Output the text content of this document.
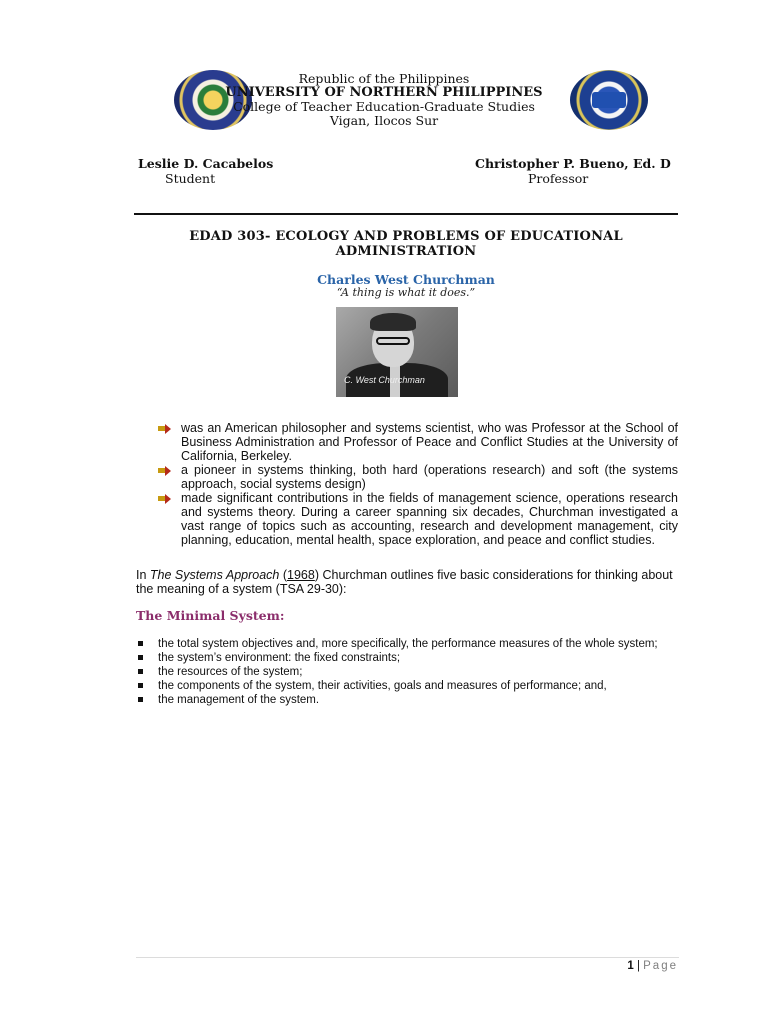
Republic of the Philippines
UNIVERSITY OF NORTHERN PHILIPPINES
College of Teacher Education-Graduate Studies
Vigan, Ilocos Sur
Leslie D. Cacabelos
Student
Christopher P. Bueno, Ed. D
Professor
EDAD 303- ECOLOGY AND PROBLEMS OF EDUCATIONAL
ADMINISTRATION
Charles West Churchman
“A thing is what it does.”
C. West Churchman
was an American philosopher and systems scientist, who was Professor at the School of Business Administration and Professor of Peace and Conflict Studies at the University of California, Berkeley.
a pioneer in systems thinking, both hard (operations research) and soft (the systems approach, social systems design)
made significant contributions in the fields of management science, operations research and systems theory. During a career spanning six decades, Churchman investigated a vast range of topics such as accounting, research and development management, city planning, education, mental health, space exploration, and peace and conflict studies.
In The Systems Approach (1968) Churchman outlines five basic considerations for thinking about the meaning of a system (TSA 29-30):
The Minimal System:
the total system objectives and, more specifically, the performance measures of the whole system;
the system’s environment: the fixed constraints;
the resources of the system;
the components of the system, their activities, goals and measures of performance; and,
the management of the system.
1 | Page
